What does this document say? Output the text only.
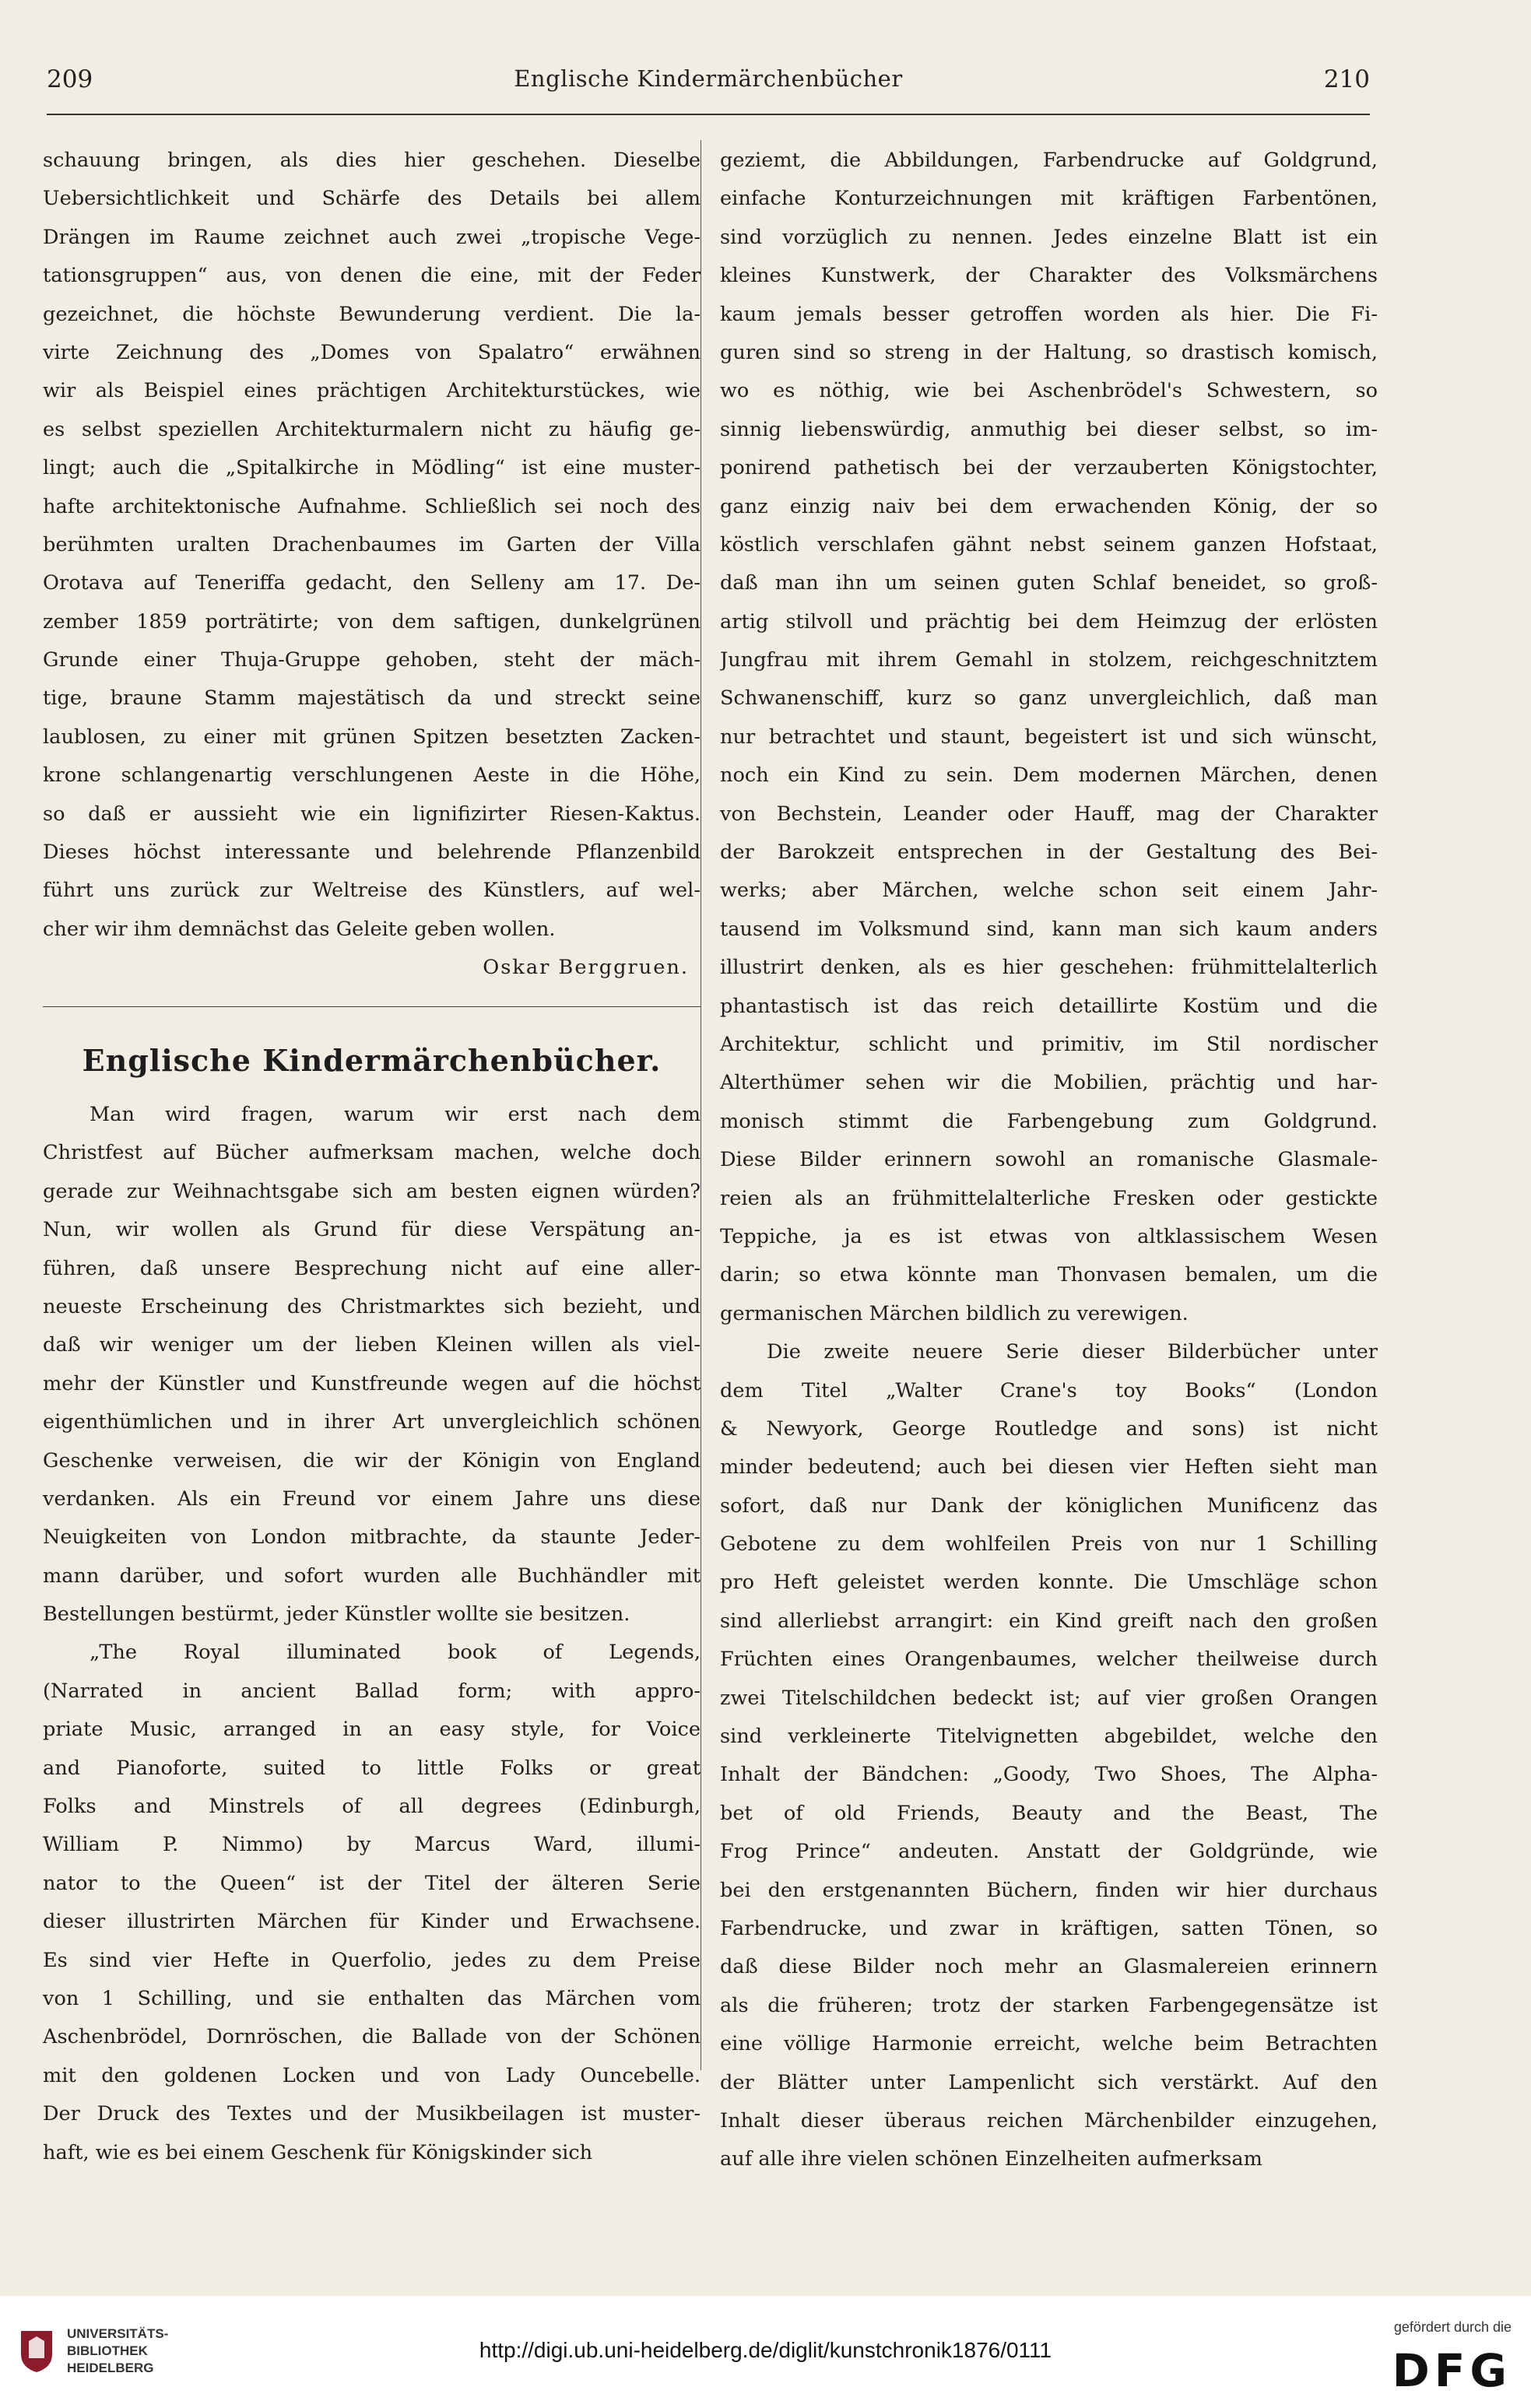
209	Englische Kindermärchenbücher	210
schauung bringen, als dies hier geschehen. Dieselbe
Uebersichtlichkeit und Schärfe des Details bei allem
Drängen im Raume zeichnet auch zwei „tropische Vege-
tationsgruppen“ aus, von denen die eine, mit der Feder
gezeichnet, die höchste Bewunderung verdient. Die la-
virte Zeichnung des „Domes von Spalatro“ erwähnen
wir als Beispiel eines prächtigen Architekturstückes, wie
es selbst speziellen Architekturmalern nicht zu häufig ge-
lingt; auch die „Spitalkirche in Mödling“ ist eine muster-
hafte architektonische Aufnahme. Schließlich sei noch des
berühmten uralten Drachenbaumes im Garten der Villa
Orotava auf Teneriffa gedacht, den Selleny am 17. De-
zember 1859 porträtirte; von dem saftigen, dunkelgrünen
Grunde einer Thuja-Gruppe gehoben, steht der mäch-
tige, braune Stamm majestätisch da und streckt seine
laublosen, zu einer mit grünen Spitzen besetzten Zacken-
krone schlangenartig verschlungenen Aeste in die Höhe,
so daß er aussieht wie ein lignifizirter Riesen-Kaktus.
Dieses höchst interessante und belehrende Pflanzenbild
führt uns zurück zur Weltreise des Künstlers, auf wel-
cher wir ihm demnächst das Geleite geben wollen.
Oskar Berggruen.
Englische Kindermärchenbücher.
Man wird fragen, warum wir erst nach dem
Christfest auf Bücher aufmerksam machen, welche doch
gerade zur Weihnachtsgabe sich am besten eignen würden?
Nun, wir wollen als Grund für diese Verspätung an-
führen, daß unsere Besprechung nicht auf eine aller-
neueste Erscheinung des Christmarktes sich bezieht, und
daß wir weniger um der lieben Kleinen willen als viel-
mehr der Künstler und Kunstfreunde wegen auf die höchst
eigenthümlichen und in ihrer Art unvergleichlich schönen
Geschenke verweisen, die wir der Königin von England
verdanken. Als ein Freund vor einem Jahre uns diese
Neuigkeiten von London mitbrachte, da staunte Jeder-
mann darüber, und sofort wurden alle Buchhändler mit
Bestellungen bestürmt, jeder Künstler wollte sie besitzen.
„The Royal illuminated book of Legends,
(Narrated in ancient Ballad form; with appro-
priate Music, arranged in an easy style, for Voice
and Pianoforte, suited to little Folks or great
Folks and Minstrels of all degrees (Edinburgh,
William P. Nimmo) by Marcus Ward, illumi-
nator to the Queen“ ist der Titel der älteren Serie
dieser illustrirten Märchen für Kinder und Erwachsene.
Es sind vier Hefte in Querfolio, jedes zu dem Preise
von 1 Schilling, und sie enthalten das Märchen vom
Aschenbrödel, Dornröschen, die Ballade von der Schönen
mit den goldenen Locken und von Lady Ouncebelle.
Der Druck des Textes und der Musikbeilagen ist muster-
haft, wie es bei einem Geschenk für Königskinder sich
geziemt, die Abbildungen, Farbendrucke auf Goldgrund,
einfache Konturzeichnungen mit kräftigen Farbentönen,
sind vorzüglich zu nennen. Jedes einzelne Blatt ist ein
kleines Kunstwerk, der Charakter des Volksmärchens
kaum jemals besser getroffen worden als hier. Die Fi-
guren sind so streng in der Haltung, so drastisch komisch,
wo es nöthig, wie bei Aschenbrödel's Schwestern, so
sinnig liebenswürdig, anmuthig bei dieser selbst, so im-
ponirend pathetisch bei der verzauberten Königstochter,
ganz einzig naiv bei dem erwachenden König, der so
köstlich verschlafen gähnt nebst seinem ganzen Hofstaat,
daß man ihn um seinen guten Schlaf beneidet, so groß-
artig stilvoll und prächtig bei dem Heimzug der erlösten
Jungfrau mit ihrem Gemahl in stolzem, reichgeschnitztem
Schwanenschiff, kurz so ganz unvergleichlich, daß man
nur betrachtet und staunt, begeistert ist und sich wünscht,
noch ein Kind zu sein. Dem modernen Märchen, denen
von Bechstein, Leander oder Hauff, mag der Charakter
der Barokzeit entsprechen in der Gestaltung des Bei-
werks; aber Märchen, welche schon seit einem Jahr-
tausend im Volksmund sind, kann man sich kaum anders
illustrirt denken, als es hier geschehen: frühmittelalterlich
phantastisch ist das reich detaillirte Kostüm und die
Architektur, schlicht und primitiv, im Stil nordischer
Alterthümer sehen wir die Mobilien, prächtig und har-
monisch stimmt die Farbengebung zum Goldgrund.
Diese Bilder erinnern sowohl an romanische Glasmale-
reien als an frühmittelalterliche Fresken oder gestickte
Teppiche, ja es ist etwas von altklassischem Wesen
darin; so etwa könnte man Thonvasen bemalen, um die
germanischen Märchen bildlich zu verewigen.
Die zweite neuere Serie dieser Bilderbücher unter
dem Titel „Walter Crane's toy Books“ (London
& Newyork, George Routledge and sons) ist nicht
minder bedeutend; auch bei diesen vier Heften sieht man
sofort, daß nur Dank der königlichen Munificenz das
Gebotene zu dem wohlfeilen Preis von nur 1 Schilling
pro Heft geleistet werden konnte. Die Umschläge schon
sind allerliebst arrangirt: ein Kind greift nach den großen
Früchten eines Orangenbaumes, welcher theilweise durch
zwei Titelschildchen bedeckt ist; auf vier großen Orangen
sind verkleinerte Titelvignetten abgebildet, welche den
Inhalt der Bändchen: „Goody, Two Shoes, The Alpha-
bet of old Friends, Beauty and the Beast, The
Frog Prince“ andeuten. Anstatt der Goldgründe, wie
bei den erstgenannten Büchern, finden wir hier durchaus
Farbendrucke, und zwar in kräftigen, satten Tönen, so
daß diese Bilder noch mehr an Glasmalereien erinnern
als die früheren; trotz der starken Farbengegensätze ist
eine völlige Harmonie erreicht, welche beim Betrachten
der Blätter unter Lampenlicht sich verstärkt. Auf den
Inhalt dieser überaus reichen Märchenbilder einzugehen,
auf alle ihre vielen schönen Einzelheiten aufmerksam
UNIVERSITÄTS-
BIBLIOTHEK
HEIDELBERG
http://digi.ub.uni-heidelberg.de/diglit/kunstchronik1876/0111
gefördert durch die
DFG
